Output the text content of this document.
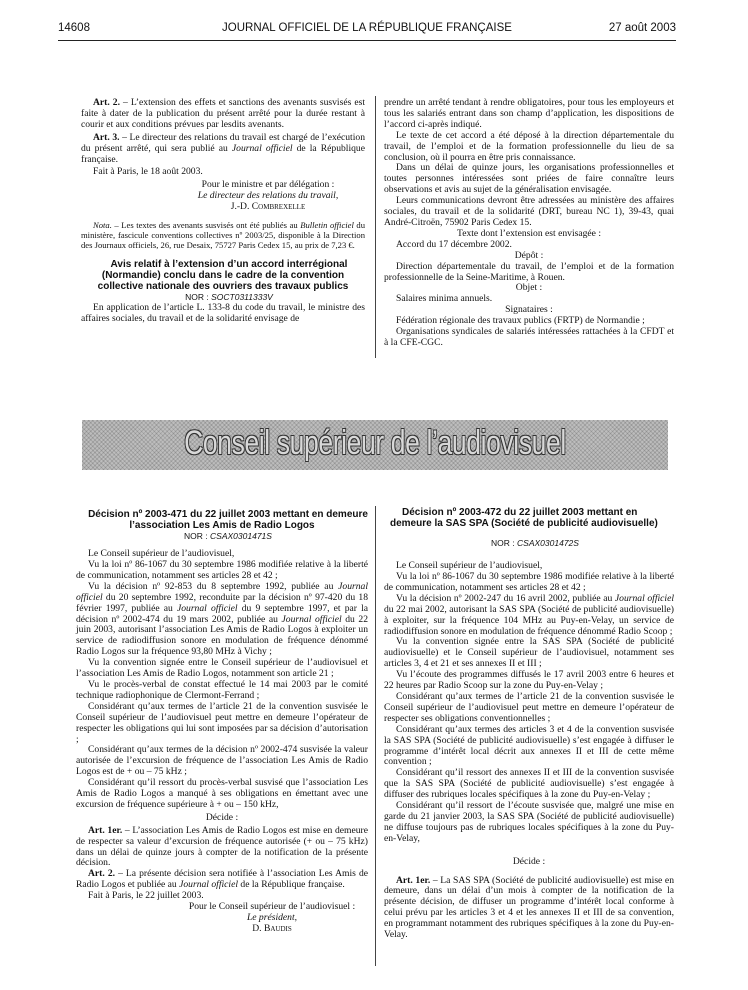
14608	JOURNAL OFFICIEL DE LA RÉPUBLIQUE FRANÇAISE	27 août 2003

Art. 2. – L’extension des effets et sanctions des avenants susvisés est faite à dater de la publication du présent arrêté pour la durée restant à courir et aux conditions prévues par lesdits avenants.

Art. 3. – Le directeur des relations du travail est chargé de l’exécution du présent arrêté, qui sera publié au Journal officiel de la République française.

Fait à Paris, le 18 août 2003.

Pour le ministre et par délégation :

Le directeur des relations du travail,

J.-D. Combrexelle

Nota. – Les textes des avenants susvisés ont été publiés au Bulletin officiel du ministère, fascicule conventions collectives nº 2003/25, disponible à la Direction des Journaux officiels, 26, rue Desaix, 75727 Paris Cedex 15, au prix de 7,23 €.

Avis relatif à l’extension d’un accord interrégional (Normandie) conclu dans le cadre de la convention collective nationale des ouvriers des travaux publics

NOR : SOCT0311333V

En application de l’article L. 133-8 du code du travail, le ministre des affaires sociales, du travail et de la solidarité envisage de

prendre un arrêté tendant à rendre obligatoires, pour tous les employeurs et tous les salariés entrant dans son champ d’application, les dispositions de l’accord ci-après indiqué.

Le texte de cet accord a été déposé à la direction départementale du travail, de l’emploi et de la formation professionnelle du lieu de sa conclusion, où il pourra en être pris connaissance.

Dans un délai de quinze jours, les organisations professionnelles et toutes personnes intéressées sont priées de faire connaître leurs observations et avis au sujet de la généralisation envisagée.

Leurs communications devront être adressées au ministère des affaires sociales, du travail et de la solidarité (DRT, bureau NC 1), 39-43, quai André-Citroën, 75902 Paris Cedex 15.

Texte dont l’extension est envisagée :

Accord du 17 décembre 2002.

Dépôt :

Direction départementale du travail, de l’emploi et de la formation professionnelle de la Seine-Maritime, à Rouen.

Objet :

Salaires minima annuels.

Signataires :

Fédération régionale des travaux publics (FRTP) de Normandie ;

Organisations syndicales de salariés intéressées rattachées à la CFDT et à la CFE-CGC.

Conseil supérieur de l’audiovisuel

Décision nº 2003-471 du 22 juillet 2003 mettant en demeure l’association Les Amis de Radio Logos

NOR : CSAX0301471S

Le Conseil supérieur de l’audiovisuel,

Vu la loi nº 86-1067 du 30 septembre 1986 modifiée relative à la liberté de communication, notamment ses articles 28 et 42 ;

Vu la décision nº 92-853 du 8 septembre 1992, publiée au Journal officiel du 20 septembre 1992, reconduite par la décision nº 97-420 du 18 février 1997, publiée au Journal officiel du 9 septembre 1997, et par la décision nº 2002-474 du 19 mars 2002, publiée au Journal officiel du 22 juin 2003, autorisant l’association Les Amis de Radio Logos à exploiter un service de radiodiffusion sonore en modulation de fréquence dénommé Radio Logos sur la fréquence 93,80 MHz à Vichy ;

Vu la convention signée entre le Conseil supérieur de l’audiovisuel et l’association Les Amis de Radio Logos, notamment son article 21 ;

Vu le procès-verbal de constat effectué le 14 mai 2003 par le comité technique radiophonique de Clermont-Ferrand ;

Considérant qu’aux termes de l’article 21 de la convention susvisée le Conseil supérieur de l’audiovisuel peut mettre en demeure l’opérateur de respecter les obligations qui lui sont imposées par sa décision d’autorisation ;

Considérant qu’aux termes de la décision nº 2002-474 susvisée la valeur autorisée de l’excursion de fréquence de l’association Les Amis de Radio Logos est de + ou – 75 kHz ;

Considérant qu’il ressort du procès-verbal susvisé que l’association Les Amis de Radio Logos a manqué à ses obligations en émettant avec une excursion de fréquence supérieure à + ou – 150 kHz,

Décide :

Art. 1er. – L’association Les Amis de Radio Logos est mise en demeure de respecter sa valeur d’excursion de fréquence autorisée (+ ou – 75 kHz) dans un délai de quinze jours à compter de la notification de la présente décision.

Art. 2. – La présente décision sera notifiée à l’association Les Amis de Radio Logos et publiée au Journal officiel de la République française.

Fait à Paris, le 22 juillet 2003.

Pour le Conseil supérieur de l’audiovisuel :

Le président,

D. Baudis

Décision nº 2003-472 du 22 juillet 2003 mettant en demeure la SAS SPA (Société de publicité audiovisuelle)

NOR : CSAX0301472S

Le Conseil supérieur de l’audiovisuel,

Vu la loi nº 86-1067 du 30 septembre 1986 modifiée relative à la liberté de communication, notamment ses articles 28 et 42 ;

Vu la décision nº 2002-247 du 16 avril 2002, publiée au Journal officiel du 22 mai 2002, autorisant la SAS SPA (Société de publicité audiovisuelle) à exploiter, sur la fréquence 104 MHz au Puy-en-Velay, un service de radiodiffusion sonore en modulation de fréquence dénommé Radio Scoop ;

Vu la convention signée entre la SAS SPA (Société de publicité audiovisuelle) et le Conseil supérieur de l’audiovisuel, notamment ses articles 3, 4 et 21 et ses annexes II et III ;

Vu l’écoute des programmes diffusés le 17 avril 2003 entre 6 heures et 22 heures par Radio Scoop sur la zone du Puy-en-Velay ;

Considérant qu’aux termes de l’article 21 de la convention susvisée le Conseil supérieur de l’audiovisuel peut mettre en demeure l’opérateur de respecter ses obligations conventionnelles ;

Considérant qu’aux termes des articles 3 et 4 de la convention susvisée la SAS SPA (Société de publicité audiovisuelle) s’est engagée à diffuser le programme d’intérêt local décrit aux annexes II et III de cette même convention ;

Considérant qu’il ressort des annexes II et III de la convention susvisée que la SAS SPA (Société de publicité audiovisuelle) s’est engagée à diffuser des rubriques locales spécifiques à la zone du Puy-en-Velay ;

Considérant qu’il ressort de l’écoute susvisée que, malgré une mise en garde du 21 janvier 2003, la SAS SPA (Société de publicité audiovisuelle) ne diffuse toujours pas de rubriques locales spécifiques à la zone du Puy-en-Velay,

Décide :

Art. 1er. – La SAS SPA (Société de publicité audiovisuelle) est mise en demeure, dans un délai d’un mois à compter de la notification de la présente décision, de diffuser un programme d’intérêt local conforme à celui prévu par les articles 3 et 4 et les annexes II et III de sa convention, en programmant notamment des rubriques spécifiques à la zone du Puy-en-Velay.
